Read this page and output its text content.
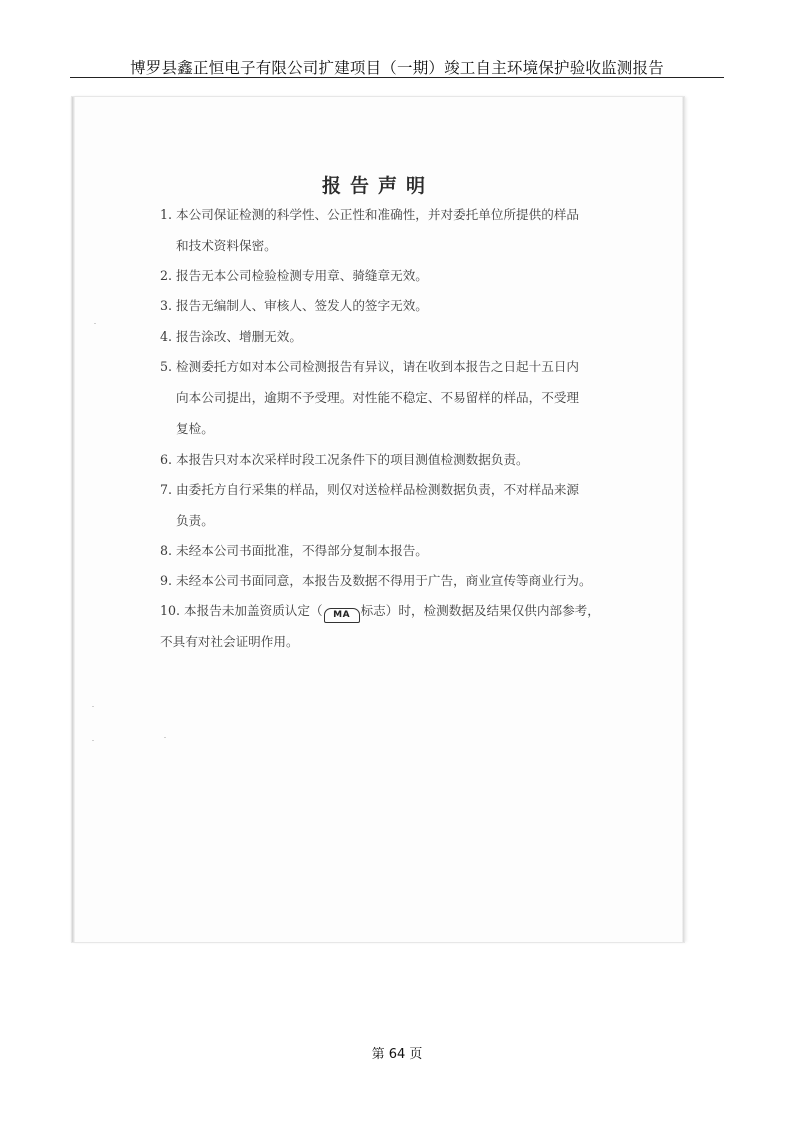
博罗县鑫正恒电子有限公司扩建项目（一期）竣工自主环境保护验收监测报告
报告声明
1. 本公司保证检测的科学性、公正性和准确性，并对委托单位所提供的样品
和技术资料保密。
2. 报告无本公司检验检测专用章、骑缝章无效。
3. 报告无编制人、审核人、签发人的签字无效。
4. 报告涂改、增删无效。
5. 检测委托方如对本公司检测报告有异议，请在收到本报告之日起十五日内
向本公司提出，逾期不予受理。对性能不稳定、不易留样的样品，不受理
复检。
6. 本报告只对本次采样时段工况条件下的项目测值检测数据负责。
7. 由委托方自行采集的样品，则仅对送检样品检测数据负责，不对样品来源
负责。
8. 未经本公司书面批准，不得部分复制本报告。
9. 未经本公司书面同意，本报告及数据不得用于广告，商业宣传等商业行为。
10. 本报告未加盖资质认定（ MA 标志）时，检测数据及结果仅供内部参考，
不具有对社会证明作用。
第 64 页
